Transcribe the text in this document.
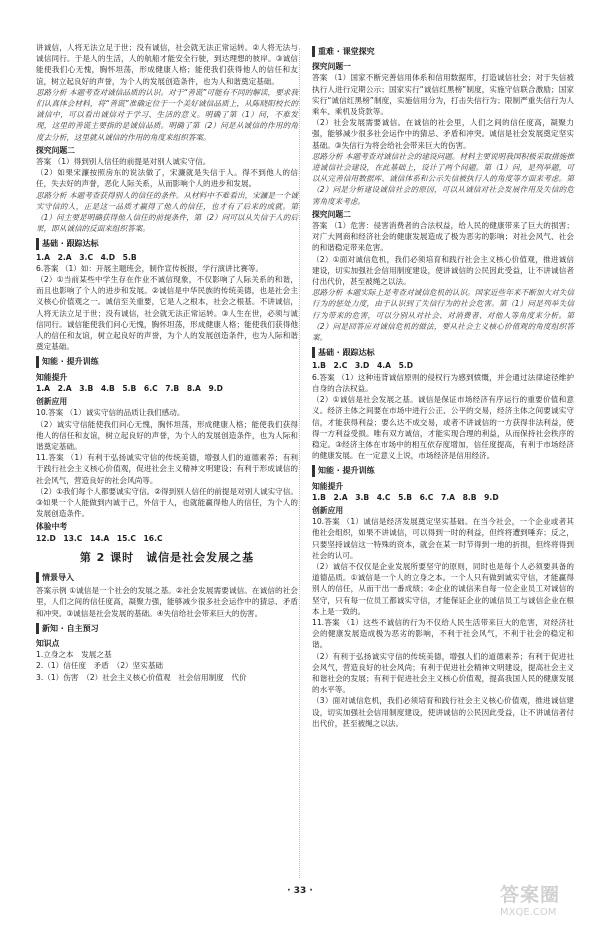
讲诚信，人将无法立足于世；没有诚信，社会就无法正常运转。②人将无法与诚信同行。于是人的生活，人的航船才能安全行驶，到达理想的彼岸。③诚信能使我们心无愧，胸怀坦荡，形成健康人格；能使我们获得他人的信任和友谊，树立起良好的声誉，为个人的发展创造条件，也为人和谐奠定基础。

思路分析 本题考查对诚信品质的认识。对于“善谎”可能有不同的解读，要求我们认真体会材料，将“善谎”准确定位于一个美好诚信品质上，从陈晓阳校长的诚信中，可以看出诚信对于学习、生活的意义。明确了第（1）问，不难发现，这里的善谎主要指的是诚信品质。明确了第（2）问是从诚信的作用的角度去分析，这里就从诚信的作用的角度来组织答案。

探究问题二

答案 （1）得到别人信任的前提是对别人诚实守信。

（2）如果宋濂按照房东的说法做了，宋濂就是失信于人。得不到他人的信任，失去好的声誉，恶化人际关系，从而影响个人的进步和发展。

思路分析 本题考查获得别人的信任的条件。从材料中不难看出，宋濂是一个诚实守信的人，正是这一品质才赢得了他人的信任，也才有了后来的成就。第（1）问主要是明确获得他人信任的前提条件，第（2）问可以从失信于人的后果，即从诚信的反面来组织答案。

基础 · 跟踪达标

1.A　2.A　3.C　4.D　5.B

6.答案 （1）如：开展主题班会，制作宣传板报，学行演讲比赛等。

（2）①当前某些中学生存在作业不诚信现象，不仅影响了人际关系的和谐，而且也影响了个人的进步和发展。②诚信是中华民族的传统美德，也是社会主义核心价值观之一。诚信至关重要，它是人之根本，社会之根基。不讲诚信，人将无法立足于世；没有诚信，社会就无法正常运转。③人生在世，必须与诚信同行。诚信能使我们问心无愧，胸怀坦荡，形成健康人格；能使我们获得他人的信任和友谊，树立起良好的声誉，为个人的发展创造条件，也为人际和谐奠定基础。

知能 · 提升训练
知能提升

1.A　2.A　3.B　4.B　5.B　6.C　7.B　8.A　9.D

创新应用

10.答案 （1）诚实守信的品质让我们感动。

（2）诚实守信能使我们问心无愧，胸怀坦荡，形成健康人格；能使我们获得他人的信任和友谊，树立起良好的声誉，为个人的发展创造条件，也为人际和谐奠定基础。

11.答案 （1）有利于弘扬诚实守信的传统美德，增强人们的道德素养；有利于践行社会主义核心价值观，促进社会主义精神文明建设；有利于形成诚信的社会风气，营造良好的社会风尚等。

（2）①我们每个人都要诚实守信。②得到别人信任的前提是对别人诚实守信。③如果一个人能做到内诚于己，外信于人，也就能赢得他人的信任，为个人的发展创造条件。

体验中考

12.D　13.C　14.A　15.C　16.C

第 2 课时　诚信是社会发展之基
情景导入

答案示例 ①诚信是一个社会的发展之基。②社会发展需要诚信。在诚信的社会里，人们之间的信任度高，凝聚力强，能够减少很多社会运作中的猜忌、矛盾和冲突。③诚信是社会发展的基础。④失信给社会带来巨大的伤害。

新知 · 自主预习
知识点

1.立身之本　发展之基

2.（1）信任度　矛盾　（2）坚实基础

3.（1）伤害　（2）社会主义核心价值观　社会信用制度　代价

重难 · 课堂探究
探究问题一

答案 （1）国家不断完善信用体系和信用数据库，打造诚信社会；对于失信被执行人进行定期公示；国家实行“诚信红黑榜”制度，实施守信联合激励；国家实行“诚信红黑榜”制度，实施信用分为，打击失信行为；限制严重失信行为人乘车、乘机及贷款等。

（2）社会发展需要诚信。在诚信的社会里，人们之间的信任度高，凝聚力强，能够减少很多社会运作中的猜忌、矛盾和冲突。诚信是社会发展奠定坚实基础。③失信行为将会给社会带来巨大的伤害。

思路分析 本题考查对诚信社会的建设问题。材料主要说明我国积极采取措施推进诚信社会建设，在此基础上，设计了两个问题。第（1）问，是列举题，可以从完善信用数据库、诚信体系和公示失信被执行人的角度等方面来考虑。第（2）问是分析建设诚信社会的原因，可以从诚信对社会发展作用及失信的危害角度来考虑。

探究问题二

答案 （1）危害：侵害消费者的合法权益，给人民的健康带来了巨大的损害；对广大网商和经济社会的健康发展造成了极为恶劣的影响；对社会风气、社会的和谐稳定带来危害。

（2）①面对诚信危机，我们必须培育和践行社会主义核心价值观，推进诚信建设，切实加强社会信用制度建设，使讲诚信的公民因此受益，让不讲诚信者付出代价，甚至被绳之以法。

思路分析 本题实际上是考查对诚信危机的认识。国家近些年来不断加大对失信行为的惩处力度，由于认识到了失信行为的社会危害。第（1）问是列举失信行为带来的危害，可以分别从对社会、对消费者、对他人等角度来分析。第（2）问是回答应对诚信危机的做法，要从社会主义核心价值观的角度组织答案。

基础 · 跟踪达标

1.B　2.C　3.D　4.A　5.D

6.答案 （1）这种违背诚信原则的侵权行为感到愤慨，并会通过法律途径维护自身的合法权益。

（2）①诚信是社会发展之基。诚信是保证市场经济有序运行的重要价值和意义。经济主体之间要在市场中进行公正、公平的交易，经济主体之间要诚实守信，才能获得利益；要么达不成交易，或者不讲诚信的一方获得非法利益，使得一方利益受损。唯有双方诚信，才能实现合理的利益，从而保持社会秩序的稳定。③经济主体在市场中的相互依存度增加，信任度提高，有利于市场经济的健康发展。在一定意义上说，市场经济是信用经济。

知能 · 提升训练
知能提升

1.B　2.A　3.B　4.C　5.B　6.C　7.A　8.B　9.D

创新应用

10.答案 （1）诚信是经济发展奠定坚实基础。在当今社会，一个企业或者其他社会组织，如果不讲诚信，可以得到一时的利益，但终将遭到唾弃；反之，只要坚持诚信这一特殊的资本，就会在某一时节得到一地的折损，但终将得到社会的认可。

（2）诚信不仅仅是企业发展所要坚守的原则，同时也是每个人必须要具备的道德品质。①诚信是一个人的立身之本。一个人只有做到诚实守信，才能赢得别人的信任，从而干出一番成绩；②企业的诚信来自每一位企业员工对诚信的坚守，只有每一位员工都诚实守信，才能保证企业的诚信员工与诚信企业在根本上是一致的。

11.答案 （1）这些不诚信的行为不仅给人民生活带来巨大的危害，对经济社会的健康发展造成极为恶劣的影响，不利于社会风气，不利于社会的稳定和谐。

（2）有利于弘扬诚实守信的传统美德，增强人们的道德素养；有利于促进社会风气，营造良好的社会风尚；有利于促进社会精神文明建设，提高社会主义和谐社会的发展；有利于促进社会主义核心价值观，提高我国人民的健康发展的水平等。

（3）面对诚信危机，我们必须培育和践行社会主义核心价值观，推进诚信建设，切实加强社会信用制度建设，使讲诚信的公民因此受益，让不讲诚信者付出代价，甚至被绳之以法。

· 33 ·	答案圈
MXQE.COM
